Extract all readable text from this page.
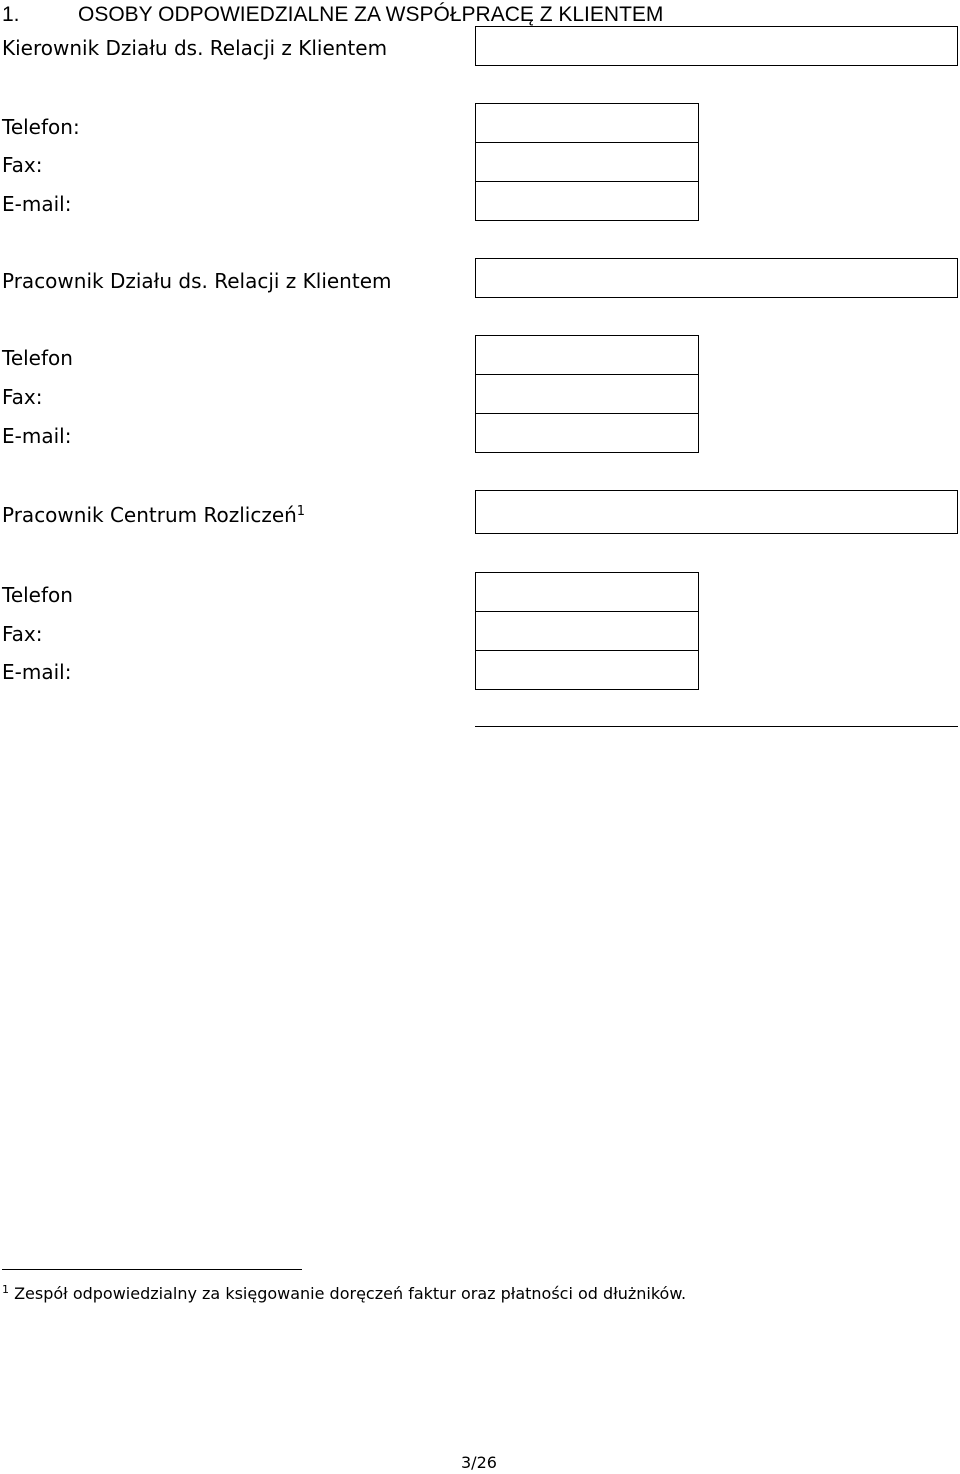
1.	OSOBY ODPOWIEDZIALNE ZA WSPÓŁPRACĘ Z KLIENTEM
Kierownik Działu ds. Relacji z Klientem
Telefon:
Fax:
E-mail:
Pracownik Działu ds. Relacji z Klientem
Telefon
Fax:
E-mail:
Pracownik Centrum Rozliczeń$^1$
Telefon
Fax:
E-mail:
$^1$ Zespół odpowiedzialny za księgowanie doręczeń faktur oraz płatności od dłużników.
3/26
